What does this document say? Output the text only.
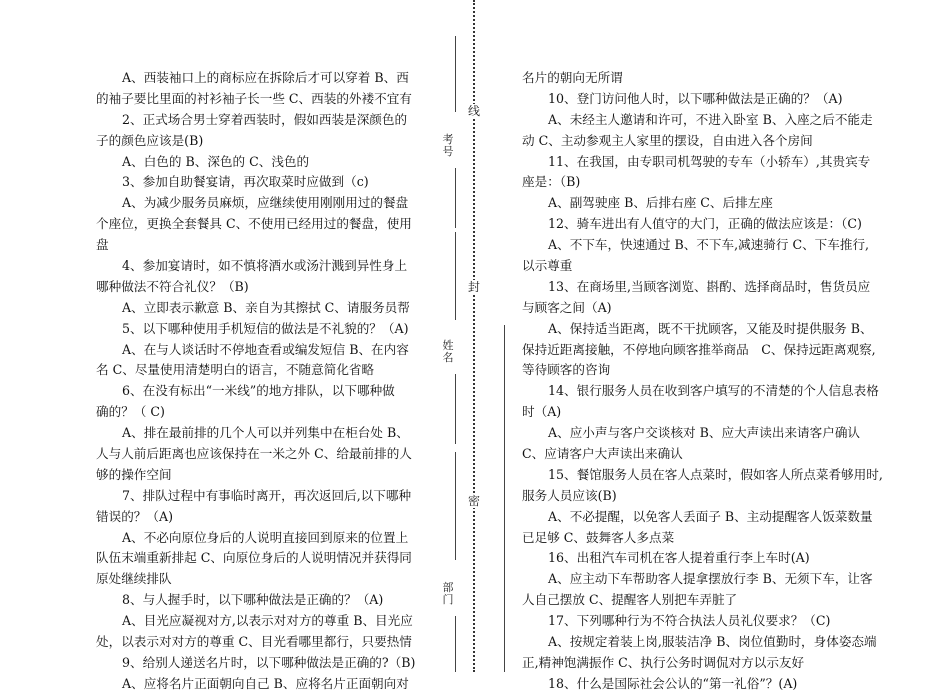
A、西装袖口上的商标应在拆除后才可以穿着 B、西
的袖子要比里面的衬衫袖子长一些 C、西装的外褛不宜有
2、正式场合男士穿着西装时，假如西装是深颜色的
子的颜色应该是(B)
A、白色的 B、深色的 C、浅色的
3、参加自助餐宴请，再次取菜时应做到（c)
A、为减少服务员麻烦，应继续使用刚刚用过的餐盘
个座位，更换全套餐具 C、不使用已经用过的餐盘，使用
盘
4、参加宴请时，如不慎将酒水或汤汁溅到异性身上
哪种做法不符合礼仪？（B)
A、立即表示歉意 B、亲自为其擦拭 C、请服务员帮
5、以下哪种使用手机短信的做法是不礼貌的？（A)
A、在与人谈话时不停地查看或编发短信 B、在内容
名 C、尽量使用清楚明白的语言，不随意简化省略
6、在没有标出“一米线”的地方排队，以下哪种做
确的？（ C)
A、排在最前排的几个人可以并列集中在柜台处 B、
人与人前后距离也应该保持在一米之外 C、给最前排的人
够的操作空间
7、排队过程中有事临时离开，再次返回后,以下哪种
错误的？（A)
A、不必向原位身后的人说明直接回到原来的位置上
队伍末端重新排起 C、向原位身后的人说明情况并获得同
原处继续排队
8、与人握手时，以下哪种做法是正确的？（A)
A、目光应凝视对方,以表示对对方的尊重 B、目光应
处，以表示对对方的尊重 C、目光看哪里都行，只要热情
9、给别人递送名片时，以下哪种做法是正确的?（B)
A、应将名片正面朝向自己 B、应将名片正面朝向对
名片的朝向无所谓
10、登门访问他人时，以下哪种做法是正确的？（A)
A、未经主人邀请和许可，不进入卧室 B、入座之后不能走
动 C、主动参观主人家里的摆设，自由进入各个房间
11、在我国，由专职司机驾驶的专车（小轿车）,其贵宾专
座是：（B)
A、副驾驶座 B、后排右座 C、后排左座
12、骑车进出有人值守的大门，正确的做法应该是：（C)
A、不下车，快速通过 B、不下车,减速骑行 C、下车推行,
以示尊重
13、在商场里,当顾客浏览、斟酌、选择商品时，售货员应
与顾客之间（A)
A、保持适当距离，既不干扰顾客，又能及时提供服务 B、
保持近距离接触，不停地向顾客推举商品　C、保持远距离观察,
等待顾客的咨询
14、银行服务人员在收到客户填写的不清楚的个人信息表格
时（A)
A、应小声与客户交谈核对 B、应大声读出来请客户确认
C、应请客户大声读出来确认
15、餐馆服务人员在客人点菜时，假如客人所点菜肴够用时,
服务人员应该(B)
A、不必提醒，以免客人丢面子 B、主动提醒客人饭菜数量
已足够 C、鼓舞客人多点菜
16、出租汽车司机在客人提着重行李上车时(A)
A、应主动下车帮助客人提拿摆放行李 B、无须下车，让客
人自己摆放 C、提醒客人别把车弄脏了
17、下列哪种行为不符合执法人员礼仪要求？（C)
A、按规定着装上岗,服装洁净 B、岗位值勤时，身体姿态端
正,精神饱满振作 C、执行公务时调侃对方以示友好
18、什么是国际社会公认的“第一礼俗”？(A)
考号
姓名
部门
线
封
密
